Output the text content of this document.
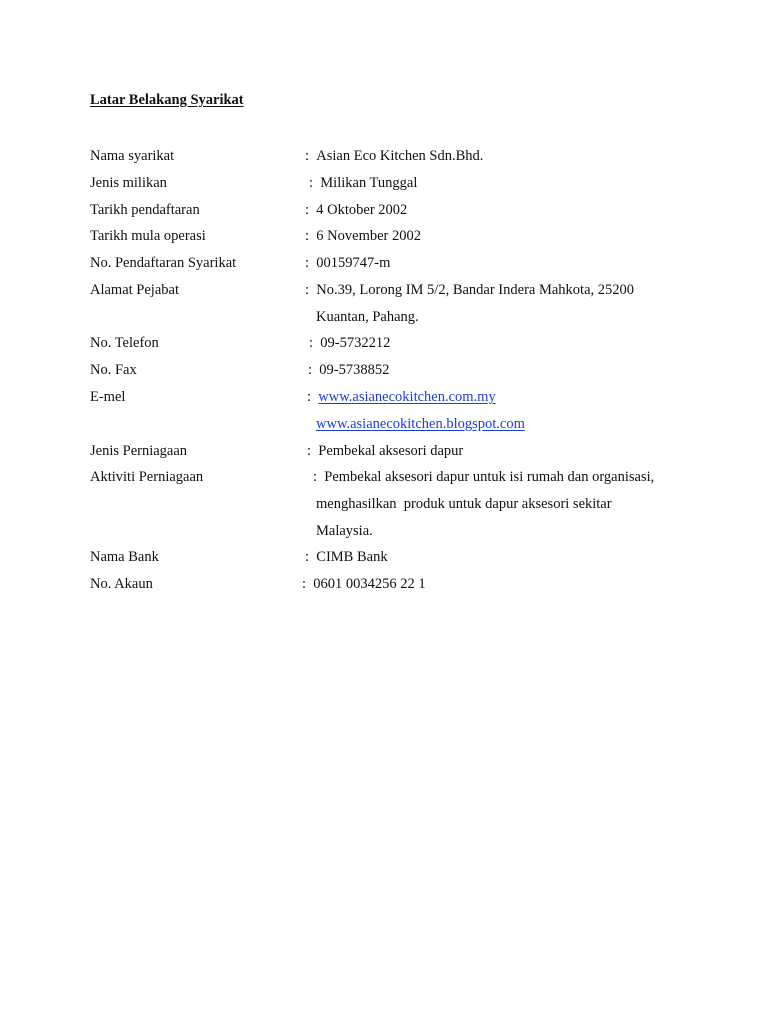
Latar Belakang Syarikat
Nama syarikat	: Asian Eco Kitchen Sdn.Bhd.
Jenis milikan	: Milikan Tunggal
Tarikh pendaftaran	: 4 Oktober 2002
Tarikh mula operasi	: 6 November 2002
No. Pendaftaran Syarikat	: 00159747-m
Alamat Pejabat	: No.39, Lorong IM 5/2, Bandar Indera Mahkota, 25200
Kuantan, Pahang.
No. Telefon	: 09-5732212
No. Fax	: 09-5738852
E-mel	: www.asianecokitchen.com.my
www.asianecokitchen.blogspot.com
Jenis Perniagaan	: Pembekal aksesori dapur
Aktiviti Perniagaan	: Pembekal aksesori dapur untuk isi rumah dan organisasi,
menghasilkan  produk untuk dapur aksesori sekitar
Malaysia.
Nama Bank	: CIMB Bank
No. Akaun	: 0601 0034256 22 1
